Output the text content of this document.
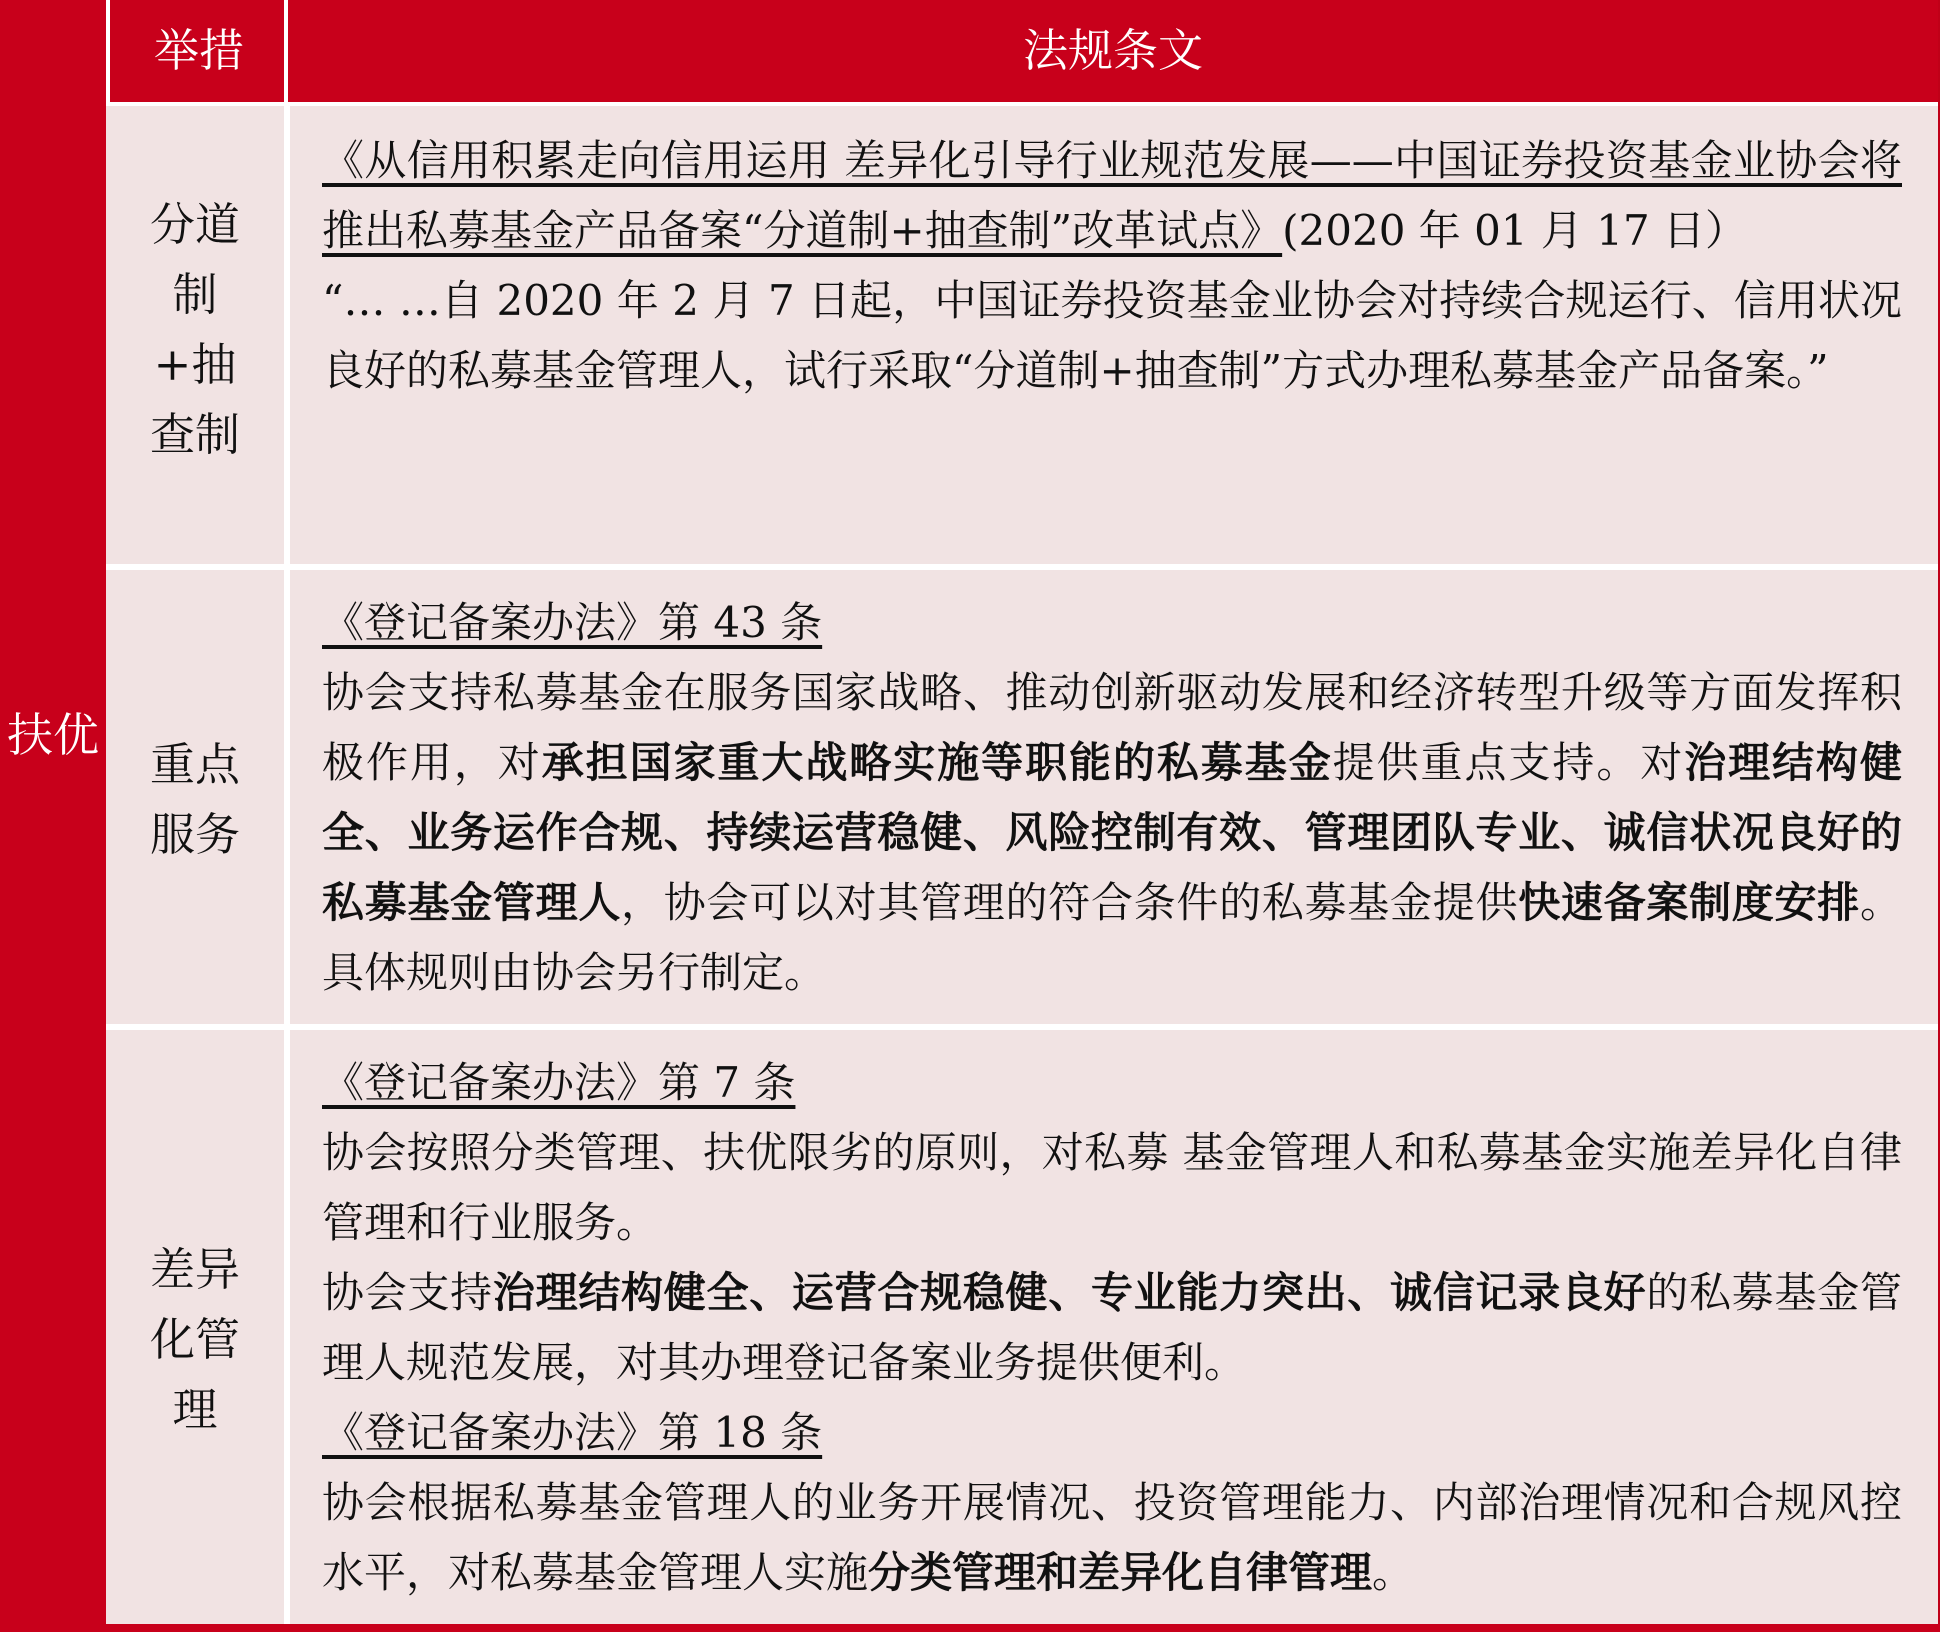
扶优
举措	法规条文
分道制+抽查制

《从信用积累走向信用运用 差异化引导行业规范发展——中国证券投资基金业协会将推出私募基金产品备案“分道制+抽查制”改革试点》(2020 年 01 月 17 日）

“… …自 2020 年 2 月 7 日起，中国证券投资基金业协会对持续合规运行、信用状况良好的私募基金管理人，试行采取“分道制+抽查制”方式办理私募基金产品备案。”

重点服务

《登记备案办法》第 43 条

协会支持私募基金在服务国家战略、推动创新驱动发展和经济转型升级等方面发挥积极作用，对承担国家重大战略实施等职能的私募基金提供重点支持。对治理结构健全、业务运作合规、持续运营稳健、风险控制有效、管理团队专业、诚信状况良好的私募基金管理人，协会可以对其管理的符合条件的私募基金提供快速备案制度安排。具体规则由协会另行制定。

差异化管理

《登记备案办法》第 7 条

协会按照分类管理、扶优限劣的原则，对私募 基金管理人和私募基金实施差异化自律管理和行业服务。

协会支持治理结构健全、运营合规稳健、专业能力突出、诚信记录良好的私募基金管理人规范发展，对其办理登记备案业务提供便利。

《登记备案办法》第 18 条

协会根据私募基金管理人的业务开展情况、投资管理能力、内部治理情况和合规风控水平，对私募基金管理人实施分类管理和差异化自律管理。
